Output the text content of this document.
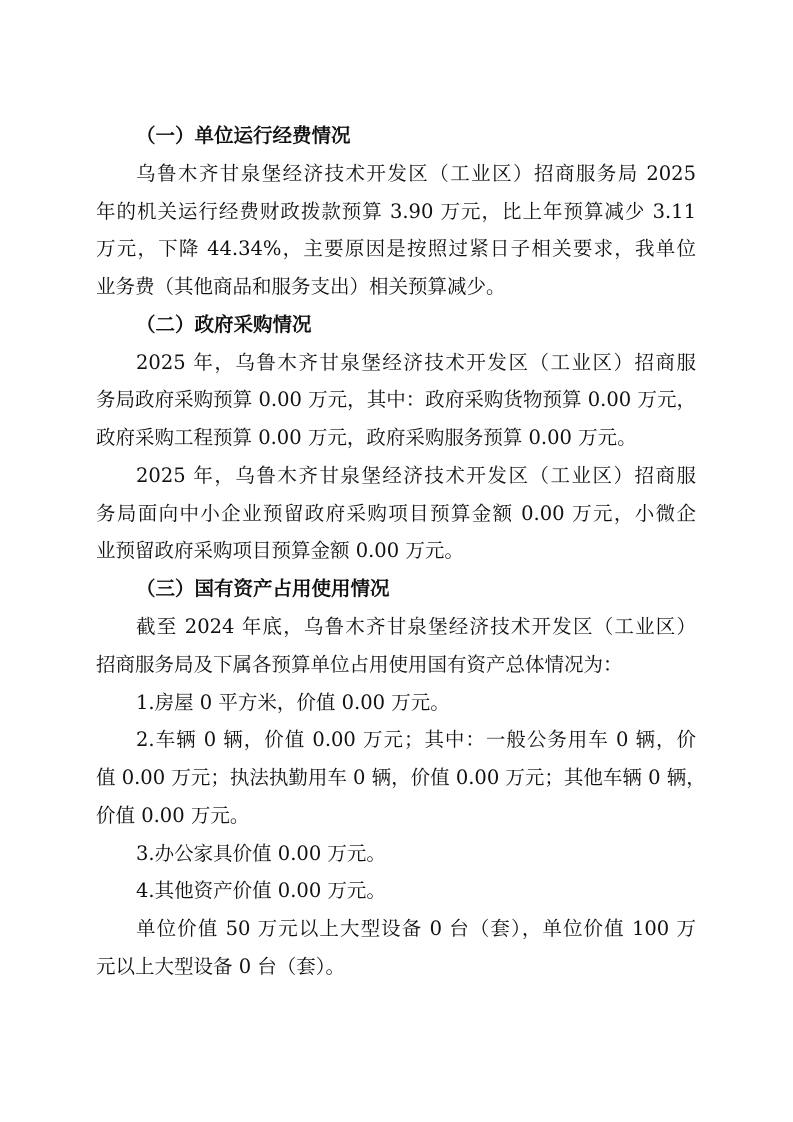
（一）单位运行经费情况
乌鲁木齐甘泉堡经济技术开发区（工业区）招商服务局 2025
年的机关运行经费财政拨款预算 3.90 万元，比上年预算减少 3.11
万元，下降 44.34%，主要原因是按照过紧日子相关要求，我单位
业务费（其他商品和服务支出）相关预算减少。
（二）政府采购情况
2025 年，乌鲁木齐甘泉堡经济技术开发区（工业区）招商服
务局政府采购预算 0.00 万元，其中：政府采购货物预算 0.00 万元，
政府采购工程预算 0.00 万元，政府采购服务预算 0.00 万元。
2025 年，乌鲁木齐甘泉堡经济技术开发区（工业区）招商服
务局面向中小企业预留政府采购项目预算金额 0.00 万元，小微企
业预留政府采购项目预算金额 0.00 万元。
（三）国有资产占用使用情况
截至 2024 年底，乌鲁木齐甘泉堡经济技术开发区（工业区）
招商服务局及下属各预算单位占用使用国有资产总体情况为：
1.房屋 0 平方米，价值 0.00 万元。
2.车辆 0 辆，价值 0.00 万元；其中：一般公务用车 0 辆，价
值 0.00 万元；执法执勤用车 0 辆，价值 0.00 万元；其他车辆 0 辆，
价值 0.00 万元。
3.办公家具价值 0.00 万元。
4.其他资产价值 0.00 万元。
单位价值 50 万元以上大型设备 0 台（套），单位价值 100 万
元以上大型设备 0 台（套）。
